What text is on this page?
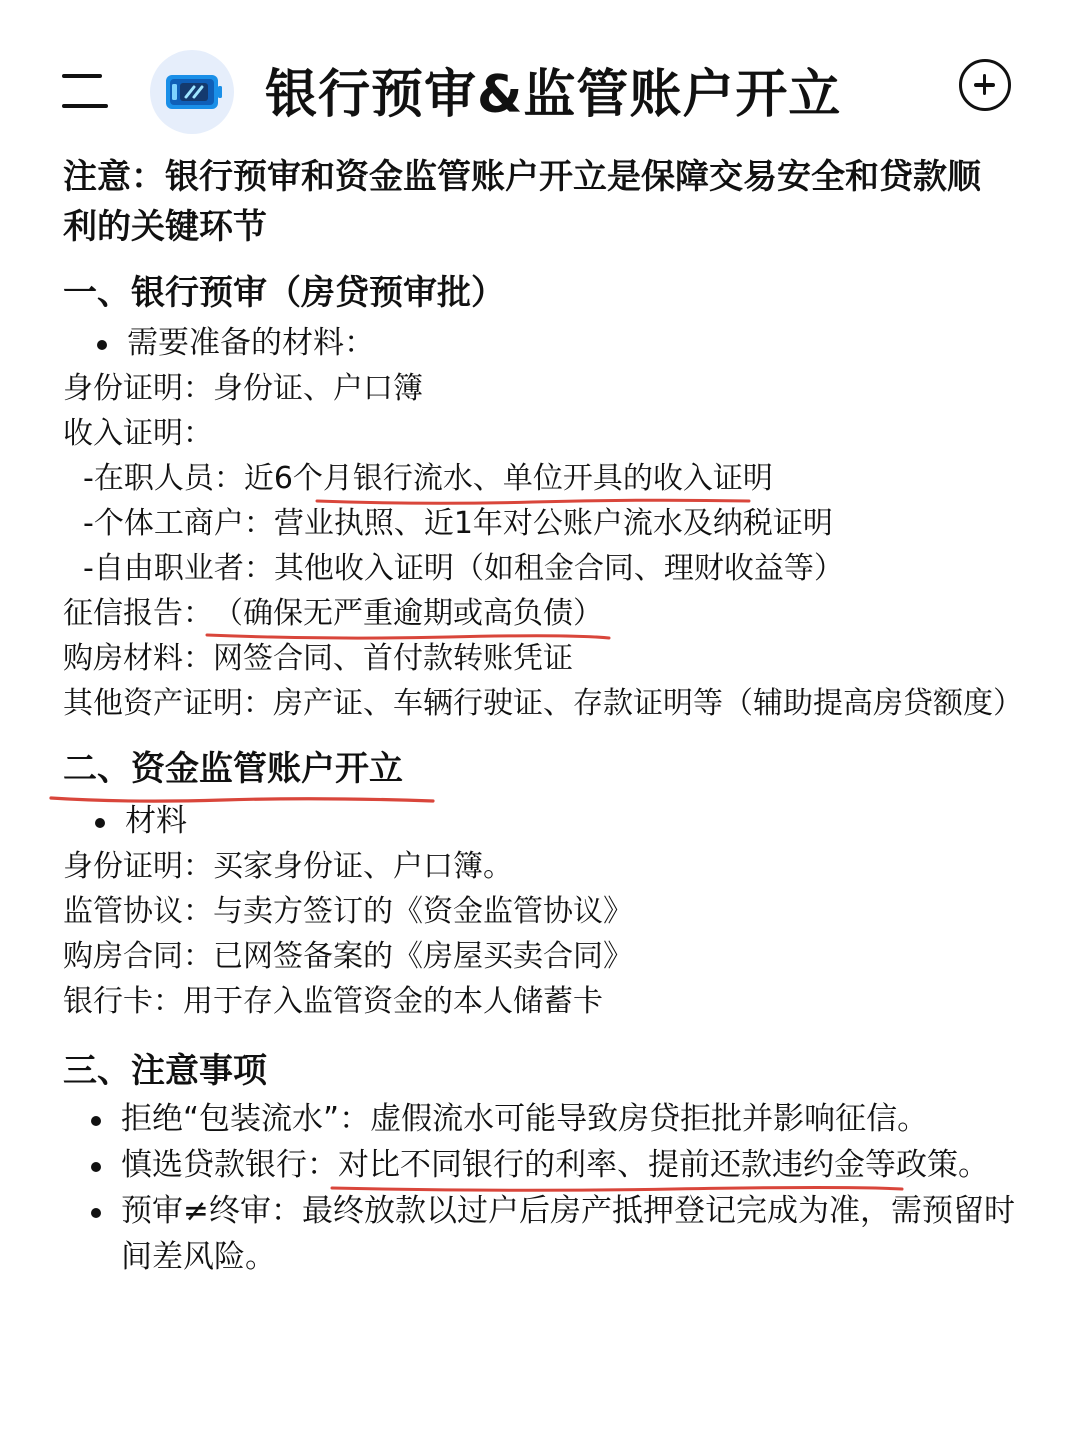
银行预审&监管账户开立

注意：银行预审和资金监管账户开立是保障交易安全和贷款顺利的关键环节

一、银行预审（房贷预审批）
需要准备的材料：
身份证明：身份证、户口簿
收入证明：
-在职人员：近6个月银行流水、单位开具的收入证
明
-个体工商户：营业执照、近1年对公账户流水及纳税证明
-自由职业者：其他收入证明（如租金合同、理财收益等）
征信报告：（确保无严重逾期或高负债）
购房材料：网签合同、首付款转账凭证
其他资产证明：房产证、车辆行驶证、存款证明等（辅助提高房贷额度）
二、资金监管账户开立
材料
身份证明：买家身份证、户口簿。
监管协议：与卖方签订的《资金监管协议》
购房合同：已网签备案的《房屋买卖合同》
银行卡：用于存入监管资金的本人储蓄卡
三、注意事项
拒绝“包装流水”：虚假流水可能导致房贷拒批并影响征信。
慎选贷款银行：对比不同银行的利率、提前还款违约金等
政策。
预审≠终审：最终放款以过户后房产抵押登记完成为准，需预留时间差风险。
